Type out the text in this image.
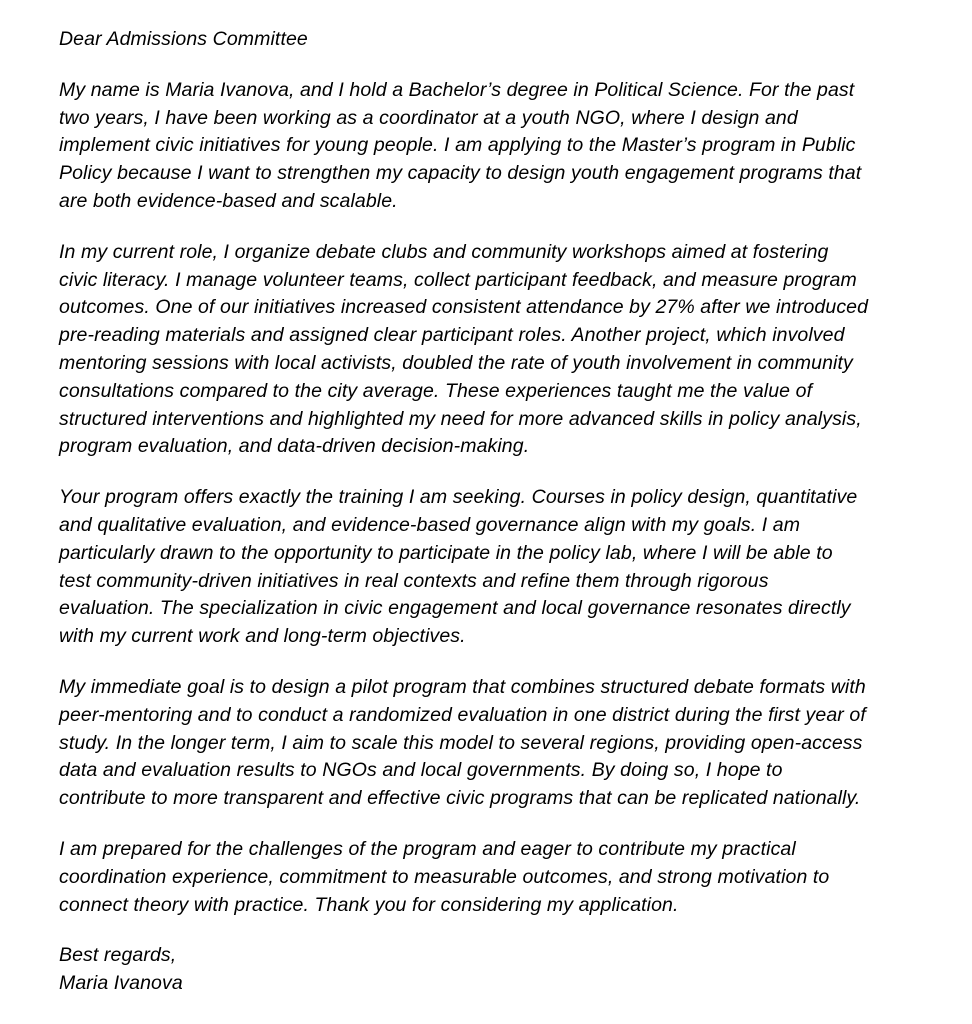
Dear Admissions Committee
My name is Maria Ivanova, and I hold a Bachelor’s degree in Political Science. For the past
two years, I have been working as a coordinator at a youth NGO, where I design and
implement civic initiatives for young people. I am applying to the Master’s program in Public
Policy because I want to strengthen my capacity to design youth engagement programs that
are both evidence-based and scalable.
In my current role, I organize debate clubs and community workshops aimed at fostering
civic literacy. I manage volunteer teams, collect participant feedback, and measure program
outcomes. One of our initiatives increased consistent attendance by 27% after we introduced
pre-reading materials and assigned clear participant roles. Another project, which involved
mentoring sessions with local activists, doubled the rate of youth involvement in community
consultations compared to the city average. These experiences taught me the value of
structured interventions and highlighted my need for more advanced skills in policy analysis,
program evaluation, and data-driven decision-making.
Your program offers exactly the training I am seeking. Courses in policy design, quantitative
and qualitative evaluation, and evidence-based governance align with my goals. I am
particularly drawn to the opportunity to participate in the policy lab, where I will be able to
test community-driven initiatives in real contexts and refine them through rigorous
evaluation. The specialization in civic engagement and local governance resonates directly
with my current work and long-term objectives.
My immediate goal is to design a pilot program that combines structured debate formats with
peer-mentoring and to conduct a randomized evaluation in one district during the first year of
study. In the longer term, I aim to scale this model to several regions, providing open-access
data and evaluation results to NGOs and local governments. By doing so, I hope to
contribute to more transparent and effective civic programs that can be replicated nationally.
I am prepared for the challenges of the program and eager to contribute my practical
coordination experience, commitment to measurable outcomes, and strong motivation to
connect theory with practice. Thank you for considering my application.
Best regards,
Maria Ivanova
